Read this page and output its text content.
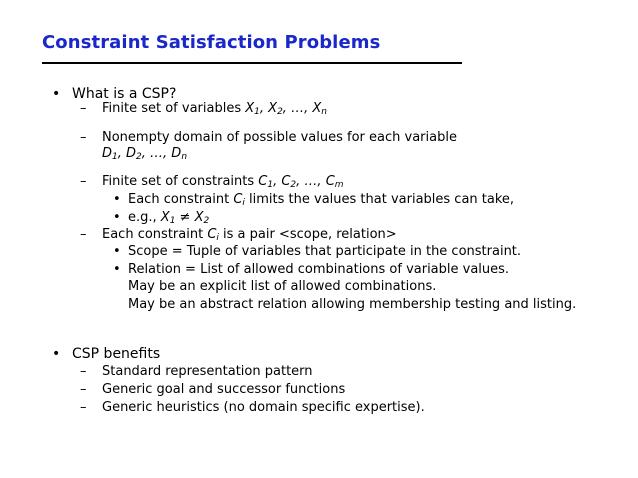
Constraint Satisfaction Problems
• What is a CSP?
– Finite set of variables $X_1$, $X_2$, …, $X_n$
– Nonempty domain of possible values for each variable
$D_1$, $D_2$, …, $D_n$
– Finite set of constraints $C_1$, $C_2$, …, $C_m$
• Each constraint $C_i$ limits the values that variables can take,
• e.g., $X_1 \ne X_2$
– Each constraint $C_i$ is a pair <scope, relation>
• Scope = Tuple of variables that participate in the constraint.
• Relation = List of allowed combinations of variable values.
May be an explicit list of allowed combinations.
May be an abstract relation allowing membership testing and listing.
• CSP benefits
– Standard representation pattern
– Generic goal and successor functions
– Generic heuristics (no domain specific expertise).
